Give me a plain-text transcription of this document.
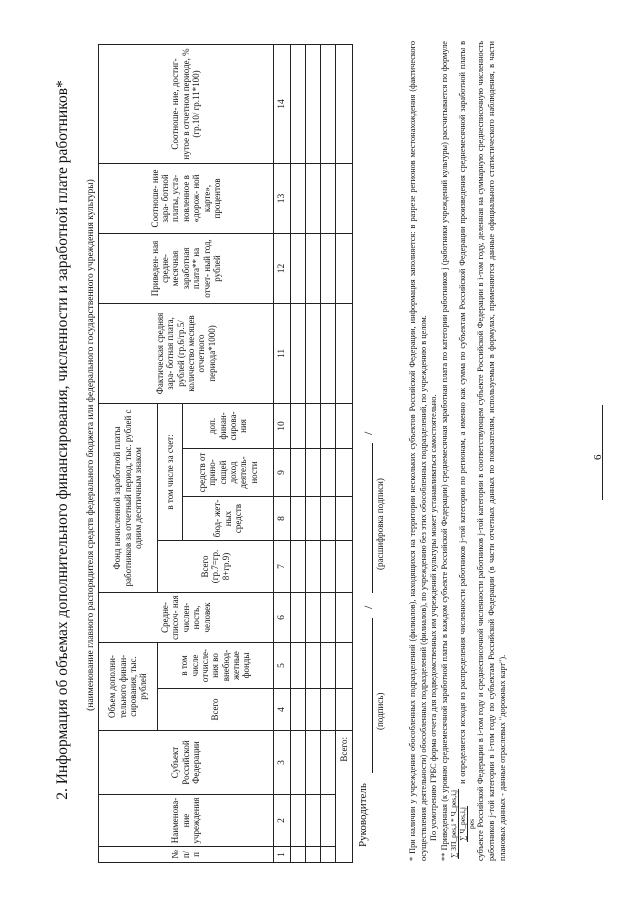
6
2. Информация об объемах дополнительного финансирования, численности и заработной плате работников* (наименование главного распорядителя средств федерального бюджета или федерального государственного учреждения культуры)
№ п/ п	Наименова- ние учреждения	Субъект Российской Федерации	Объем дополни- тельного финан- сирования, тыс. рублей		Средне- списоч- ная числен- ность, человек	Фонд начисленной заработной платы работников за отчетный период, тыс. рублей с одним десятичным знаком				Фактическая средняя зара- ботная плата, рублей (гр.6/гр.5/ количество месяцев отчетного периода*1000)	Приведен- ная средне- месячная заработная плата** на отчет- ный год, рублей	Соотноше- ние зара- ботной платы, уста- новленное в «дорож- ной карте», процентов	Соотноше- ние, достиг- нутое в отчетном периоде, % (гр.10/ гр.11*100)
			Всего	в том числе отчисле- ния во внебюд- жетные фонды		Всего (гр.7=гр. 8+гр.9)	в том числе за счет:						
							бюд- жет- ных средств	средств от прино- сящей доход деятель- ности	доп. финан- сирова- ния				
1	2	3	4	5	6	7	8	9	10	11	12	13	14

Всего:													
Руководитель
/
/
(подпись)
(расшифровка подписи)	* При наличии у учреждения обособленных подразделений (филиалов), находящихся на территории нескольких субъектов Российской Федерации, информация заполняется: в разрезе регионов местонахождения (фактического осуществления деятельности) обособленных подразделений (филиалов), по учреждению без этих обособленных подразделений, по учреждению в целом. По усмотрению ГРБС форма отчета для подведомственных им учреждений культуры может устанавливаться самостоятельно. ** Приведенная (к уровню среднемесячной заработной платы в каждом субъекте Российской Федерации) среднемесячная заработная плата по категории работников j (работники учреждений культуры) рассчитывается по формуле ∑ ЗП_pes,i * Ч_pes,i,j ∑ Ч_pes,i,j pes
и определяется исходя из распределения численности работников j-той категории по регионам, а именно как сумма по субъектам Российской Федерации произведения среднемесячной заработной платы в субъекте Российской Федерации в i-том году и среднесписочной численности работников j-той категории в соответствующем субъекте Российской Федерации в i-том году, деленная на суммарную среднесписочную численность работников j-той категории в i-том году по субъектам Российской Федерации (в части отчетных данных по показателям, используемым в формулах, применяются данные официального статистического наблюдения, в части плановых данных - данные отраслевых "дорожных карт").
